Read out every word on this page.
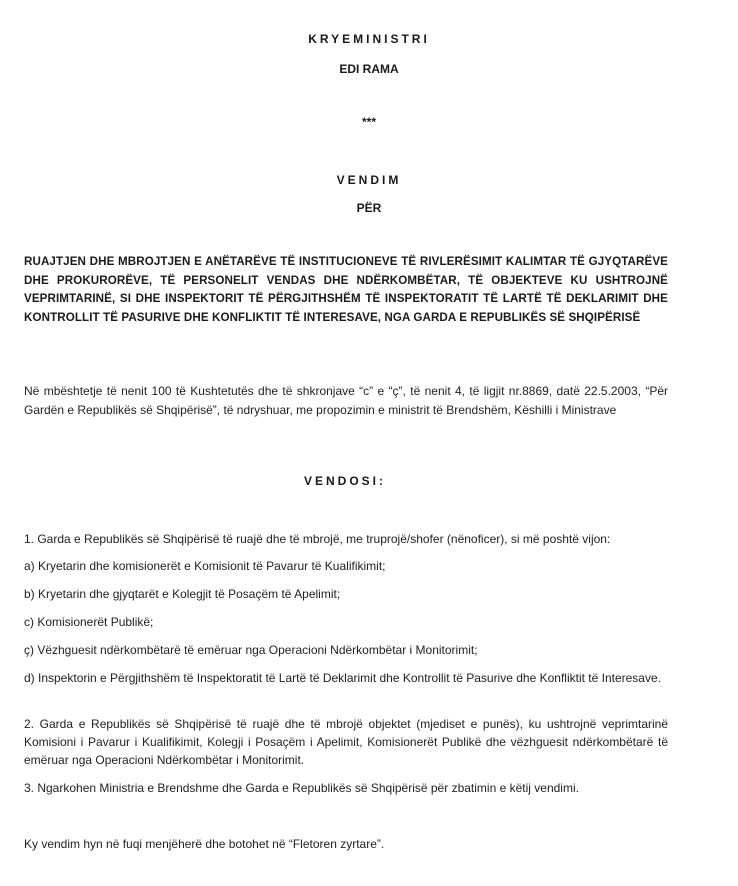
KRYEMINISTRI
EDI RAMA
***
VENDIM
PËR
RUAJTJEN DHE MBROJTJEN E ANËTARËVE TË INSTITUCIONEVE TË RIVLERËSIMIT KALIMTAR TË GJYQTARËVE DHE PROKURORËVE, TË PERSONELIT VENDAS DHE NDËRKOMBËTAR, TË OBJEKTEVE KU USHTROJNË VEPRIMTARINË, SI DHE INSPEKTORIT TË PËRGJITHSHËM TË INSPEKTORATIT TË LARTË TË DEKLARIMIT DHE KONTROLLIT TË PASURIVE DHE KONFLIKTIT TË INTERESAVE, NGA GARDA E REPUBLIKËS SË SHQIPËRISË
Në mbështetje të nenit 100 të Kushtetutës dhe të shkronjave “c” e “ç”, të nenit 4, të ligjit nr.8869, datë 22.5.2003, “Për Gardën e Republikës së Shqipërisë”, të ndryshuar, me propozimin e ministrit të Brendshëm, Këshilli i Ministrave
VENDOSI:
1. Garda e Republikës së Shqipërisë të ruajë dhe të mbrojë, me truprojë/shofer (nënoficer), si më poshtë vijon:
a) Kryetarin dhe komisionerët e Komisionit të Pavarur të Kualifikimit;
b) Kryetarin dhe gjyqtarët e Kolegjit të Posaçëm të Apelimit;
c) Komisionerët Publikë;
ç) Vëzhguesit ndërkombëtarë të emëruar nga Operacioni Ndërkombëtar i Monitorimit;
d) Inspektorin e Përgjithshëm të Inspektoratit të Lartë të Deklarimit dhe Kontrollit të Pasurive dhe Konfliktit të Interesave.
2. Garda e Republikës së Shqipërisë të ruajë dhe të mbrojë objektet (mjediset e punës), ku ushtrojnë veprimtarinë Komisioni i Pavarur i Kualifikimit, Kolegji i Posaçëm i Apelimit, Komisionerët Publikë dhe vëzhguesit ndërkombëtarë të emëruar nga Operacioni Ndërkombëtar i Monitorimit.
3. Ngarkohen Ministria e Brendshme dhe Garda e Republikës së Shqipërisë për zbatimin e këtij vendimi.
Ky vendim hyn në fuqi menjëherë dhe botohet në “Fletoren zyrtare”.
